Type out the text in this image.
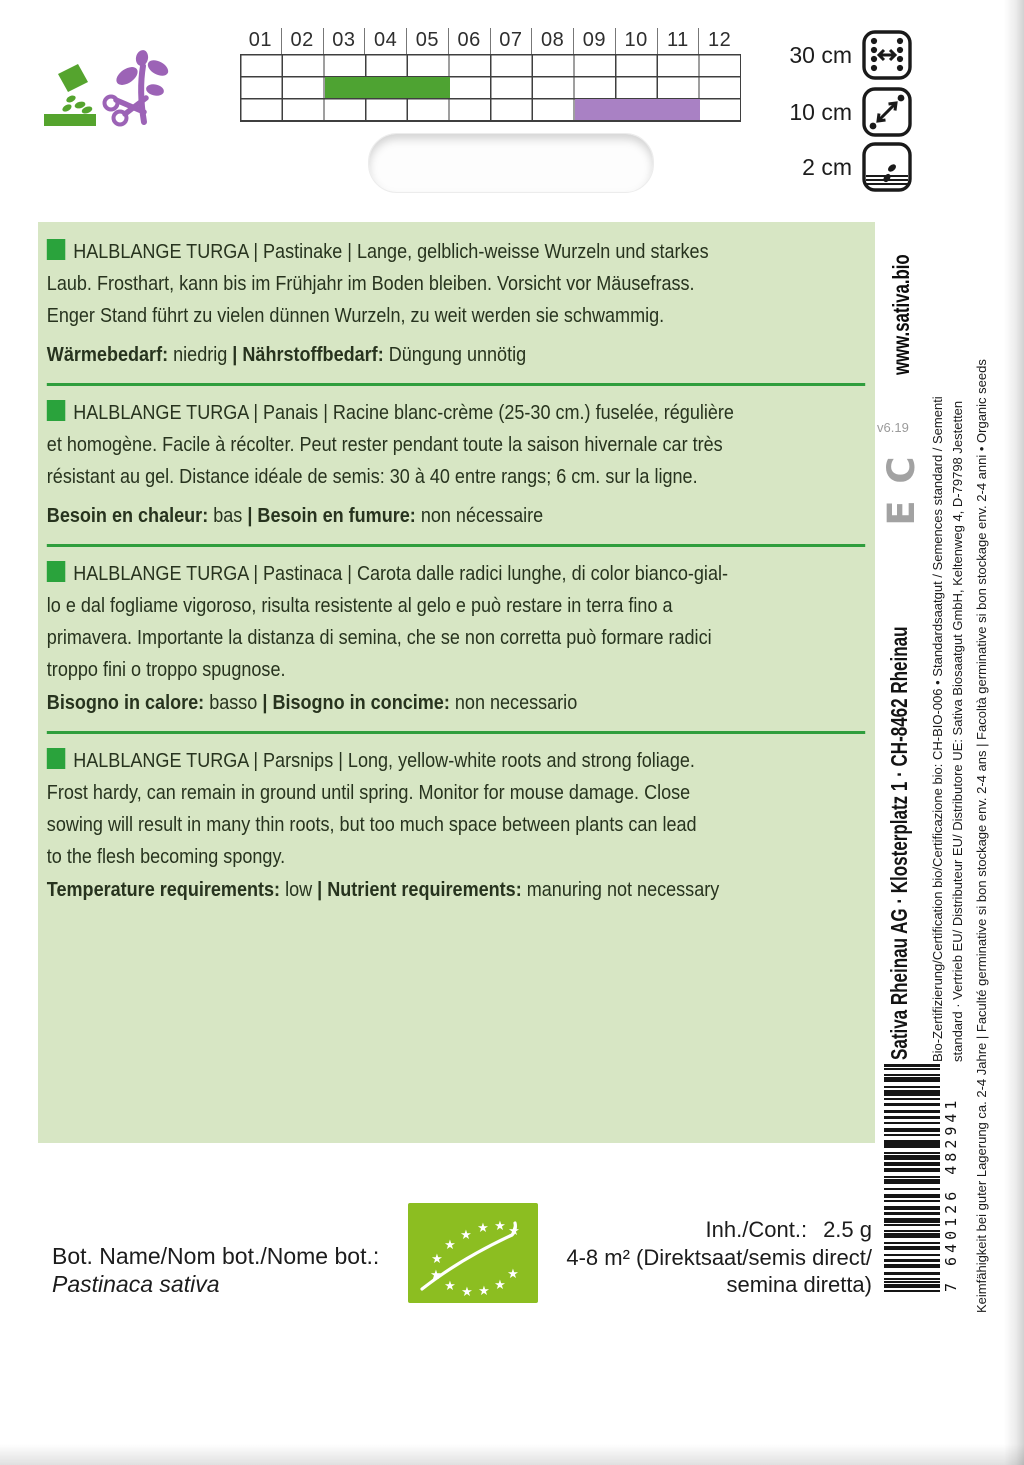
01 02 03 04 05 06 07 08 09 10 11 12
30 cm
10 cm
2 cm
HALBLANGE TURGA | Pastinake | Lange, gelblich-weisse Wurzeln und starkes
Laub. Frosthart, kann bis im Frühjahr im Boden bleiben. Vorsicht vor Mäusefrass.
Enger Stand führt zu vielen dünnen Wurzeln, zu weit werden sie schwammig.
Wärmebedarf: niedrig | Nährstoffbedarf: Düngung unnötig
HALBLANGE TURGA | Panais | Racine blanc-crème (25-30 cm.) fuselée, régulière
et homogène. Facile à récolter. Peut rester pendant toute la saison hivernale car très
résistant au gel. Distance idéale de semis: 30 à 40 entre rangs; 6 cm. sur la ligne.
Besoin en chaleur: bas | Besoin en fumure: non nécessaire
HALBLANGE TURGA | Pastinaca | Carota dalle radici lunghe, di color bianco-gial-
lo e dal fogliame vigoroso, risulta resistente al gelo e può restare in terra fino a
primavera. Importante la distanza di semina, che se non corretta può formare radici
troppo fini o troppo spugnose.
Bisogno in calore: basso | Bisogno in concime: non necessario
HALBLANGE TURGA | Parsnips | Long, yellow-white roots and strong foliage.
Frost hardy, can remain in ground until spring. Monitor for mouse damage. Close
sowing will result in many thin roots, but too much space between plants can lead
to the flesh becoming spongy.
Temperature requirements: low | Nutrient requirements: manuring not necessary
www.sativa.bio
v6.19
C
E
Sativa Rheinau AG · Klosterplatz 1 · CH-8462 Rheinau	Bio-Zertifizierung/Certification bio/Certificazione bio: CH-BIO-006 • Standardsaatgut / Semences standard / Sementi standard · Vertrieb EU/ Distributeur EU/ Distributore UE: Sativa Biosaatgut GmbH, Keltenweg 4, D-79798 Jestetten Keimfähigkeit bei guter Lagerung ca. 2-4 Jahre | Faculté germinative si bon stockage env. 2-4 ans | Facoltà germinative si bon stockage env. 2-4 anni • Organic seeds
7 640126 482941
Bot. Name/Nom bot./Nome bot.:
Pastinaca sativa
★
★
★ ★ ★ ★
★
★ ★ ★ ★
★
Inh./Cont.: 2.5 g
4-8 m² (Direktsaat/semis direct/
semina diretta)
